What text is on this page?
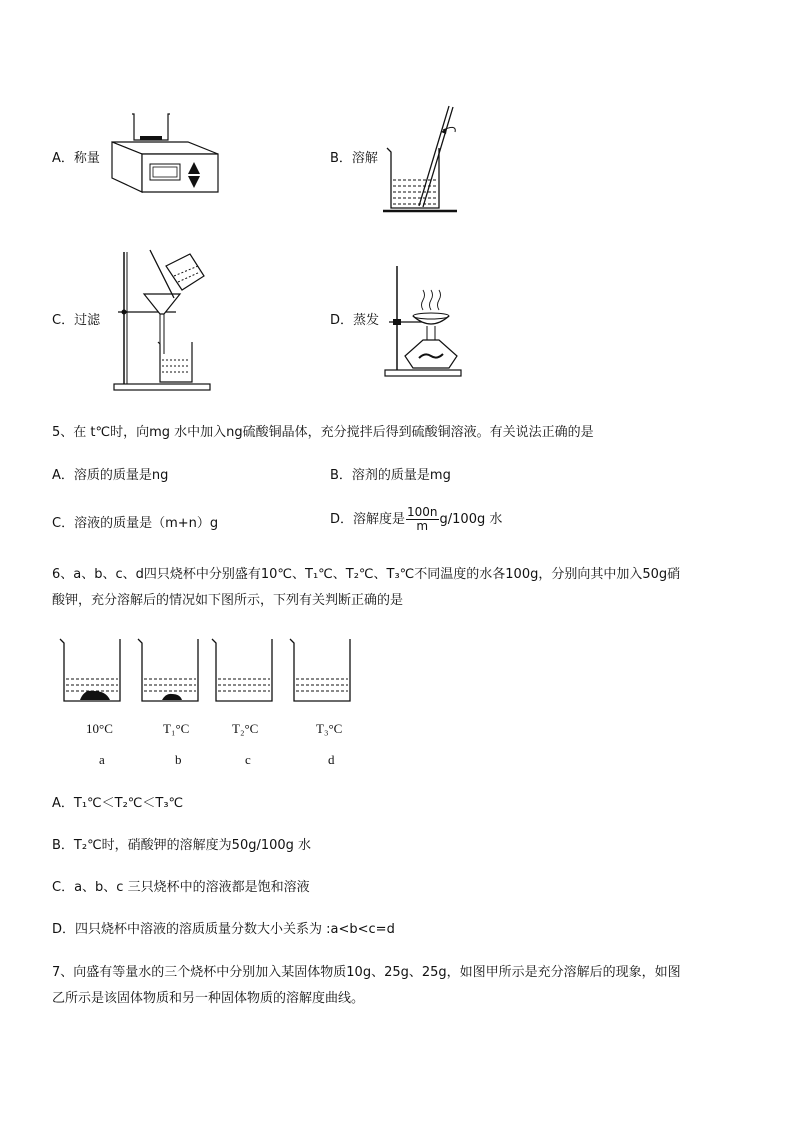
A．称量	B．溶解
C．过滤	D．蒸发
5、在 t℃时，向mg 水中加入ng硫酸铜晶体，充分搅拌后得到硫酸铜溶液。有关说法正确的是
A．溶质的质量是ng	B．溶剂的质量是mg
C．溶液的质量是（m+n）g	D．溶解度是 $\frac{100n}{m} g/100g$ 水
6、a、b、c、d四只烧杯中分别盛有10℃、T₁℃、T₂℃、T₃℃不同温度的水各100g，分别向其中加入50g硝
酸钾，充分溶解后的情况如下图所示，下列有关判断正确的是
10°C	T₁°C	T₂°C	T₃°C
a	b	c	d
A．T₁℃＜T₂℃＜T₃℃
B．T₂℃时，硝酸钾的溶解度为50g/100g 水
C．a、b、c 三只烧杯中的溶液都是饱和溶液
D．四只烧杯中溶液的溶质质量分数大小关系为 :a<b<c=d
7、向盛有等量水的三个烧杯中分别加入某固体物质10g、25g、25g，如图甲所示是充分溶解后的现象，如图
乙所示是该固体物质和另一种固体物质的溶解度曲线。
